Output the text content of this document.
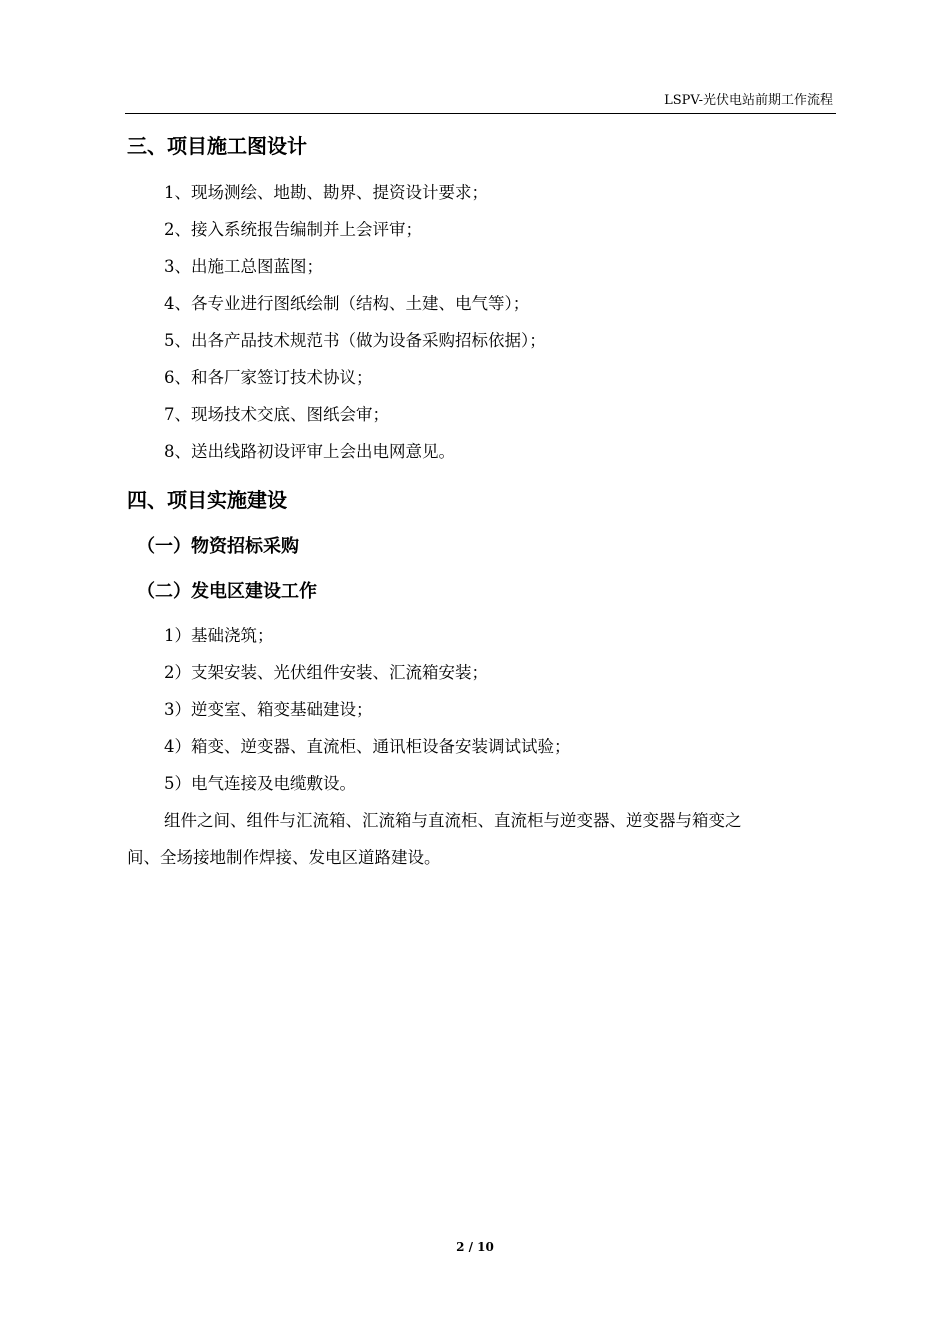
LSPV-光伏电站前期工作流程
三、项目施工图设计
1、现场测绘、地勘、勘界、提资设计要求；
2、接入系统报告编制并上会评审；
3、出施工总图蓝图；
4、各专业进行图纸绘制（结构、土建、电气等）；
5、出各产品技术规范书（做为设备采购招标依据）；
6、和各厂家签订技术协议；
7、现场技术交底、图纸会审；
8、送出线路初设评审上会出电网意见。
四、项目实施建设
（一）物资招标采购
（二）发电区建设工作
1）基础浇筑；
2）支架安装、光伏组件安装、汇流箱安装；
3）逆变室、箱变基础建设；
4）箱变、逆变器、直流柜、通讯柜设备安装调试试验；
5）电气连接及电缆敷设。
组件之间、组件与汇流箱、汇流箱与直流柜、直流柜与逆变器、逆变器与箱变之
间、全场接地制作焊接、发电区道路建设。
2 / 10
